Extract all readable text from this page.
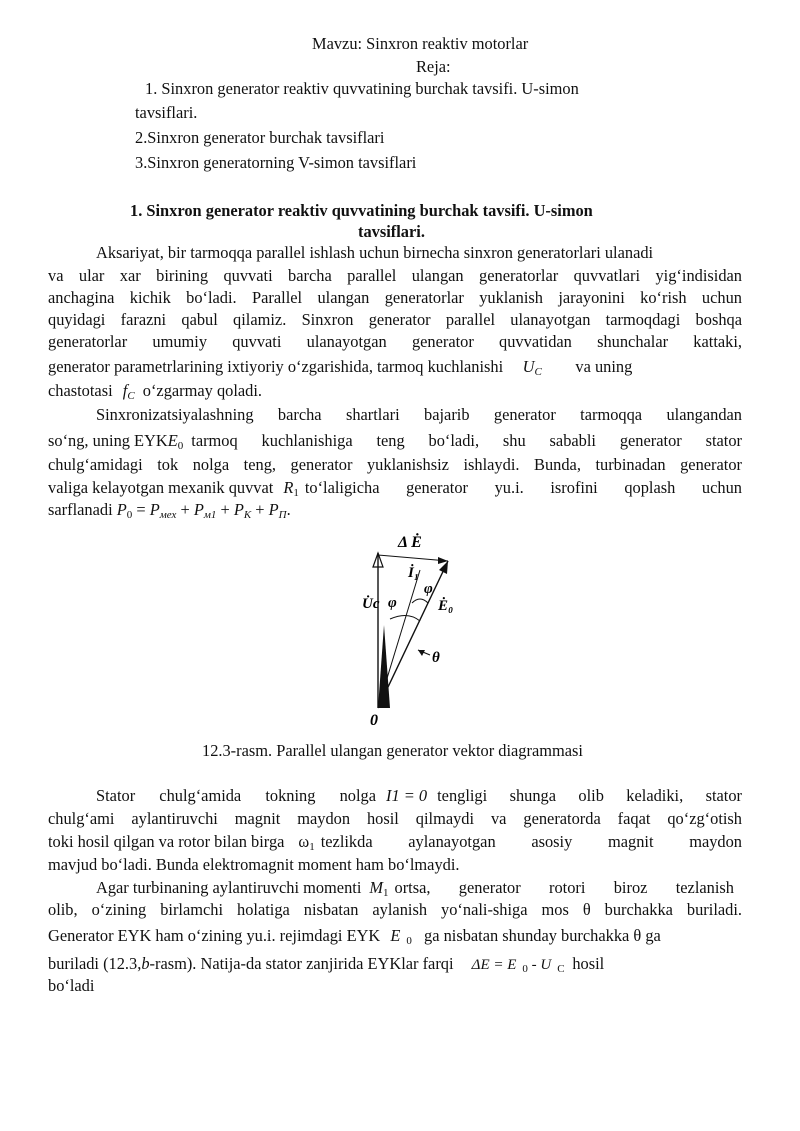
Mavzu: Sinxron reaktiv motorlar
Reja:
1. Sinxron generator reaktiv quvvatining burchak tavsifi. U-simon
tavsiflari.
2.Sinxron generator burchak tavsiflari
3.Sinxron generatorning V-simon tavsiflari
1. Sinxron generator reaktiv quvvatining burchak tavsifi. U-simon
tavsiflari.
Aksariyat, bir tarmoqqa parallel ishlash uchun birnecha sinxron generatorlari ulanadi
va ular xar birining quvvati barcha parallel ulangan generatorlar quvvatlari yig‘indisidan
anchagina kichik bo‘ladi. Parallel ulangan generatorlar yuklanish jarayonini ko‘rish uchun
quyidagi farazni qabul qilamiz. Sinxron generator parallel ulanayotgan tarmoqdagi boshqa
generatorlar umumiy quvvati ulanayotgan generator quvvatidan shunchalar kattaki,
generator parametrlarining ixtiyoriy o‘zgarishida, tarmoq kuchlanishi $U_C$ va uning
chastotasi $f_C$ o‘zgarmay qoladi.
Sinxronizatsiyalashning barcha shartlari bajarib generator tarmoqqa ulangandan
so‘ng, uning EYK $E_0$ tarmoq kuchlanishiga teng bo‘ladi, shu sababli generator stator
chulg‘amidagi tok nolga teng, generator yuklanishsiz ishlaydi. Bunda, turbinadan generator
valiga kelayotgan mexanik quvvat $R_1$ to‘laligicha generator yu.i. isrofini qoplash uchun
sarflanadi $P_0 = P_{мех} + P_{м1} + P_К + P_П$.
Δ Ė
İ₁
φ
U̇c φ	Ė₀
θ
0
12.3-rasm. Parallel ulangan generator vektor diagrammasi
Stator chulg‘amida tokning nolga I1 = 0 tengligi shunga olib keladiki, stator
chulg‘ami aylantiruvchi magnit maydon hosil qilmaydi va generatorda faqat qo‘zg‘otish
toki hosil qilgan va rotor bilan birga $\omega_1$ tezlikda aylanayotgan asosiy magnit maydon
mavjud bo‘ladi. Bunda elektromagnit moment ham bo‘lmaydi.
Agar turbinaning aylantiruvchi momenti $M_1$ ortsa, generator rotori biroz tezlanish
olib, o‘zining birlamchi holatiga nisbatan aylanish yo‘nali-shiga mos θ burchakka buriladi.
Generator EYK ham o‘zining yu.i. rejimdagi EYK E $_0$ ga nisbatan shunday burchakka θ ga
buriladi (12.3,b-rasm). Natija-da stator zanjirida EYKlar farqi ΔE = E $_0$ - U $_C$ hosil
bo‘ladi
